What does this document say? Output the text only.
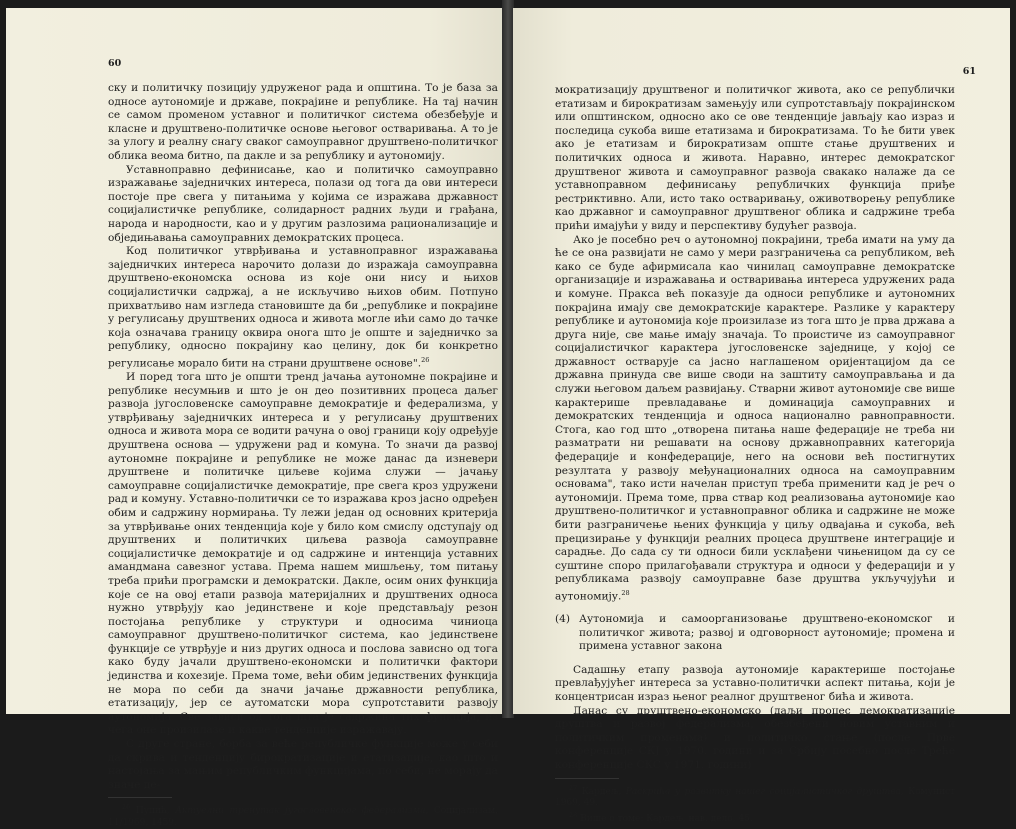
60

ску и политичку позицију удруженог рада и општина. То је база за односе аутономије и државе, покрајине и републике. На тај начин се самом променом уставног и политичког система обезбеђује и класне и друштвено-политичке основе његовог остваривања. А то је за улогу и реалну снагу сваког самоуправног друштвено-политичког облика веома битно, па дакле и за републику и аутономију.

Уставноправно дефинисање, као и политичко самоуправно изражавање заједничких интереса, полази од тога да ови интереси постоје пре свега у питањима у којима се изражава државност социјалистичке републике, солидарност радних људи и грађана, народа и народности, као и у другим разлозима рационализације и обједињавања самоуправних демократских процеса.

Код политичког утврђивања и уставноправног изражавања заједничких интереса нарочито долази до изражаја самоуправна друштвено-економска основа из које они нису и њихов социјалистички садржај, а не искључиво њихов обим. Потпуно прихватљиво нам изгледа становиште да би „републике и покрајине у регулисању друштвених односа и живота могле ићи само до тачке која означава границу оквира онога што је опште и заједничко за републику, односно покрајину као целину, док би конкретно регулисање морало бити на страни друштвене основе".$^{26}$

И поред тога што је општи тренд јачања аутономне покрајине и републике несумњив и што је он део позитивних процеса даљег развоја југословенске самоуправне демократије и федерализма, у утврђивању заједничких интереса и у регулисању друштвених односа и живота мора се водити рачуна о овој граници коју одређује друштвена основа — удружени рад и комуна. То значи да развој аутономне покрајине и републике не може данас да изневери друштвене и политичке циљеве којима служи — јачању самоуправне социјалистичке демократије, пре свега кроз удружени рад и комуну. Уставно-политички се то изражава кроз јасно одређен обим и садржину нормирања. Ту лежи један од основних критерија за утврђивање оних тенденција које у било ком смислу одступају од друштвених и политичких циљева развоја самоуправне социјалистичке демократије и од садржине и интенција уставних амандмана савезног устава. Према нашем мишљењу, том питању треба прићи програмски и демократски. Дакле, осим оних функција које се на овој етапи развоја материјалних и друштвених односа нужно утврђују као јединствене и које представљају резон постојања републике у структури и односима чиниоца самоуправног друштвено-политичког система, као јединствене функције се утврђује и низ других односа и послова зависно од тога како буду јачали друштвено-економски и политички фактори јединства и кохезије. Према томе, већи обим јединствених функција не мора по себи да значи јачање државности република, етатизацију, јер се аутоматски мора супротставити развоју аутономија. Све зависи од тога шта је садржина тих функција, из чега оне произилазе и какве тенденције изражавају.

С друге стране, борба за веће републичке функције може у себи да скрива и тенденцију бирократизације и етатизације, као што и настојања за мањим републичким функцијама, по себи, не морају да значе де-

$^{26}$ Пупић, Актуелни тренутак југословенског федерализма, Социјализам, 11/1969, 1459.

61

мократизацију друштвеног и политичког живота, ако се републички етатизам и бирократизам замењују или супротстављају покрајинском или општинском, односно ако се ове тенденције јављају као израз и последица сукоба више етатизама и бирократизама. То ће бити увек ако је етатизам и бирократизам опште стање друштвених и политичких односа и живота. Наравно, интерес демократског друштвеног живота и самоуправног развоја свакако налаже да се уставноправном дефинисању републичких функција приђе рестриктивно. Али, исто тако остваривању, оживотворењу републике као државног и самоуправног друштвеног облика и садржине треба прићи имајући у виду и перспективу будућег развоја.

Ако је посебно реч о аутономној покрајини, треба имати на уму да ће се она развијати не само у мери разграничења са републиком, већ како се буде афирмисала као чинилац самоуправне демократске организације и изражавања и остваривања интереса удружених рада и комуне. Пракса већ показује да односи републике и аутономних покрајина имају све демократскије карактере. Разлике у карактеру републике и аутономија које произилазе из тога што је прва држава а друга није, све мање имају значаја. То проистиче из самоуправног социјалистичког карактера југословенске заједнице, у којој се државност остварује са јасно наглашеном оријентацијом да се државна принуда све више своди на заштиту самоуправљања и да служи његовом даљем развијању. Стварни живот аутономије све више карактерише превладавање и доминација самоуправних и демократских тенденција и односа национално равноправности. Стога, као год што „отворена питања наше федерације не треба ни разматрати ни решавати на основу државноправних категорија федерације и конфедерације, него на основи већ постигнутих резултата у развоју међунационалних односа на самоуправним основама", тако исти начелан приступ треба применити кад је реч о аутономији. Према томе, прва ствар код реализовања аутономије као друштвено-политичког и уставноправног облика и садржине не може бити разграничење њених функција у циљу одвајања и сукоба, већ прецизирање у функцији реалних процеса друштвене интеграције и сарадње. До сада су ти односи били усклађени чињеницом да су се суштине споро прилагођавали структура и односи у федерацији и у републикама развоју самоуправне базе друштва укључујући и аутономију.$^{28}$

(4) Аутономија и самоорганизовање друштвено-економског и политичког живота; развој и одговорност аутономије; промена и примена уставног закона

Садашњу етапу развоја аутономије карактерише постојање превлађујућег интереса за уставно-политички аспект питања, који је концентрисан израз њеног реалног друштвеног бића и живота.

Данас су друштвено-економско (даљи процес демократизације друштва и развој федерализма, обезбеђени новим уставним и политичким променама) и политичко стање (после Прве конференције СКЈ у 1970. години и за Србију посебно после Треће конференције СКС у 1971. години)

$^{27}$ Кардељ, Раскрића у развитку нашег социјалистичког друштва, Комунист 1969, 49.

$^{28}$ Више о томе: Кардељ, нав. дело, 45.
